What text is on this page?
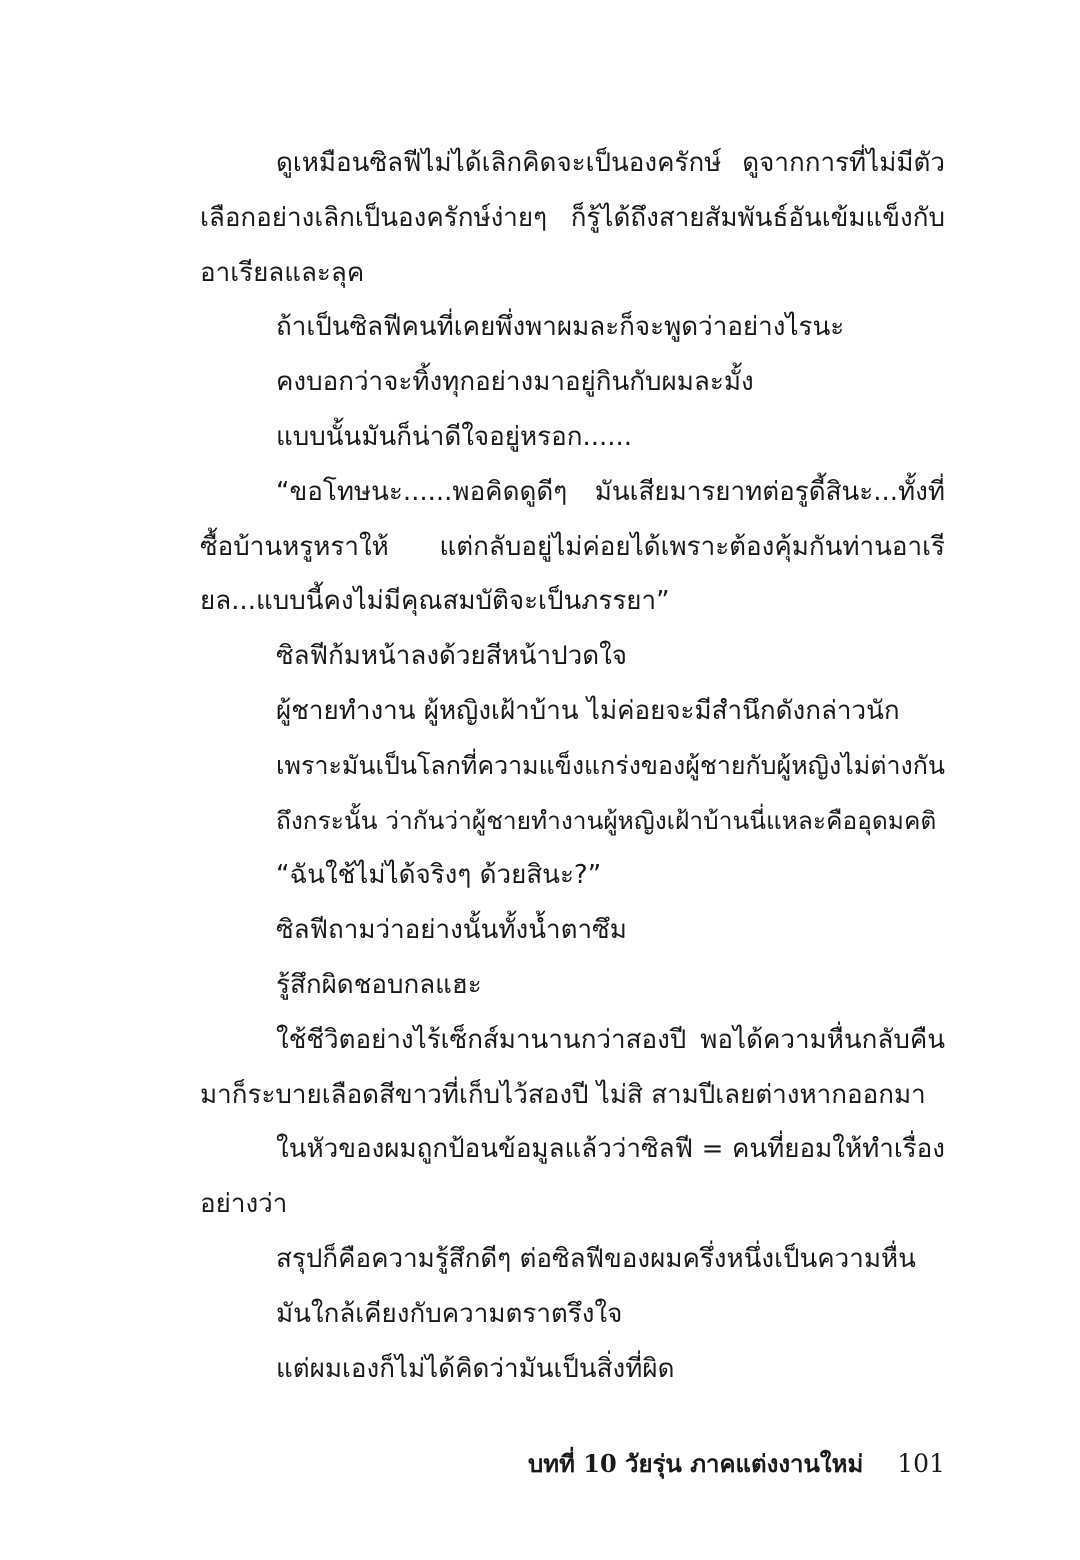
ดูเหมือนซิลฟีไม่ได้เลิกคิดจะเป็นองครักษ์ ดูจากการที่ไม่มีตัวเลือกอย่างเลิกเป็นองครักษ์ง่ายๆ ก็รู้ได้ถึงสายสัมพันธ์อันเข้มแข็งกับอาเรียลและลุค

ถ้าเป็นซิลฟีคนที่เคยพึ่งพาผมละก็จะพูดว่าอย่างไรนะ

คงบอกว่าจะทิ้งทุกอย่างมาอยู่กินกับผมละมั้ง

แบบนั้นมันก็น่าดีใจอยู่หรอก......

“ขอโทษนะ......พอคิดดูดีๆ มันเสียมารยาทต่อรูดี้สินะ...ทั้งที่ซื้อบ้านหรูหราให้ แต่กลับอยู่ไม่ค่อยได้เพราะต้องคุ้มกันท่านอาเรียล...แบบนี้คงไม่มีคุณสมบัติจะเป็นภรรยา”

ซิลฟีก้มหน้าลงด้วยสีหน้าปวดใจ

ผู้ชายทำงาน ผู้หญิงเฝ้าบ้าน ไม่ค่อยจะมีสำนึกดังกล่าวนัก

เพราะมันเป็นโลกที่ความแข็งแกร่งของผู้ชายกับผู้หญิงไม่ต่างกัน

ถึงกระนั้น ว่ากันว่าผู้ชายทำงานผู้หญิงเฝ้าบ้านนี่แหละคืออุดมคติ

“ฉันใช้ไม่ได้จริงๆ ด้วยสินะ?”

ซิลฟีถามว่าอย่างนั้นทั้งน้ำตาซึม

รู้สึกผิดชอบกลแฮะ

ใช้ชีวิตอย่างไร้เซ็กส์มานานกว่าสองปี พอได้ความหื่นกลับคืนมาก็ระบายเลือดสีขาวที่เก็บไว้สองปี ไม่สิ สามปีเลยต่างหากออกมา

ในหัวของผมถูกป้อนข้อมูลแล้วว่าซิลฟี = คนที่ยอมให้ทำเรื่องอย่างว่า

สรุปก็คือความรู้สึกดีๆ ต่อซิลฟีของผมครึ่งหนึ่งเป็นความหื่น

มันใกล้เคียงกับความตราตรึงใจ

แต่ผมเองก็ไม่ได้คิดว่ามันเป็นสิ่งที่ผิด

บทที่ 10 วัยรุ่น ภาคแต่งงานใหม่ 101
